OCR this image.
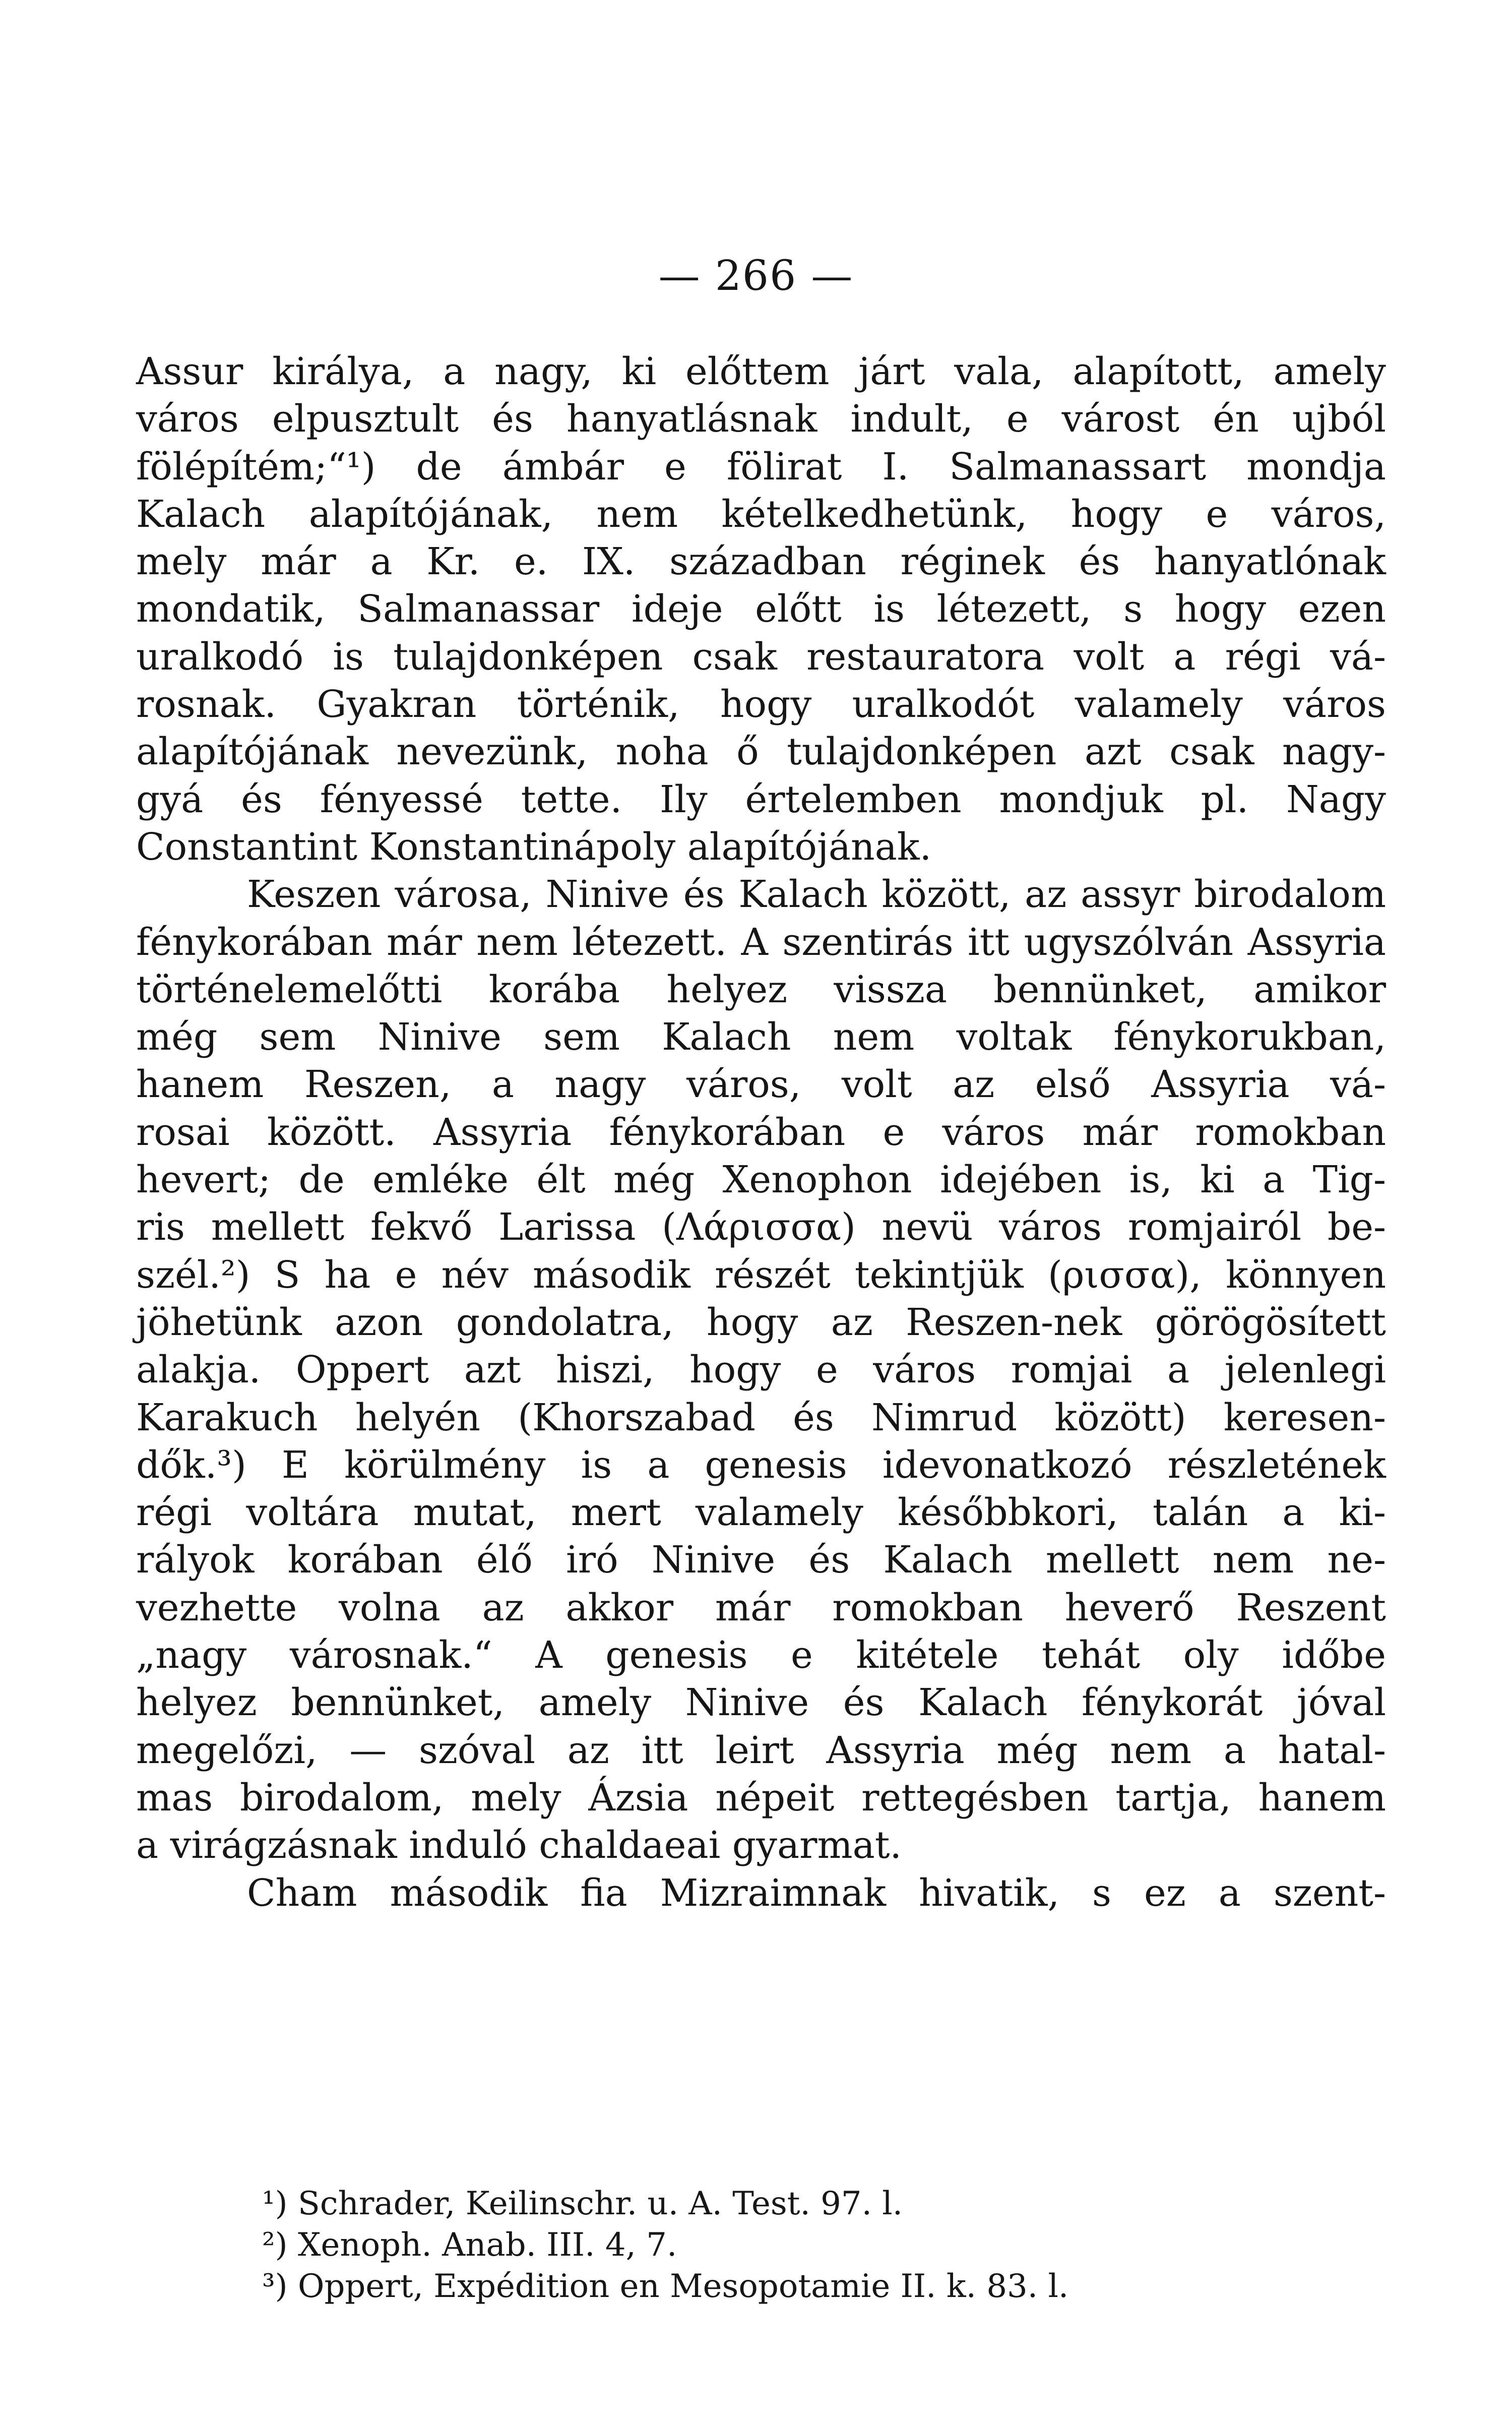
— 266 —
Assur királya, a nagy, ki előttem járt vala, alapított, amely
város elpusztult és hanyatlásnak indult, e várost én ujból
fölépítém;“¹) de ámbár e fölirat I. Salmanassart mondja
Kalach alapítójának, nem kételkedhetünk, hogy e város,
mely már a Kr. e. IX. században réginek és hanyatlónak
mondatik, Salmanassar ideje előtt is létezett, s hogy ezen
uralkodó is tulajdonképen csak restauratora volt a régi vá-
rosnak. Gyakran történik, hogy uralkodót valamely város
alapítójának nevezünk, noha ő tulajdonképen azt csak nagy-
gyá és fényessé tette. Ily értelemben mondjuk pl. Nagy
Constantint Konstantinápoly alapítójának.
Keszen városa, Ninive és Kalach között, az assyr birodalom
fénykorában már nem létezett. A szentirás itt ugyszólván Assyria
történelemelőtti korába helyez vissza bennünket, amikor
még sem Ninive sem Kalach nem voltak fénykorukban,
hanem Reszen, a nagy város, volt az első Assyria vá-
rosai között. Assyria fénykorában e város már romokban
hevert; de emléke élt még Xenophon idejében is, ki a Tig-
ris mellett fekvő Larissa (Λάρισσα) nevü város romjairól be-
szél.²) S ha e név második részét tekintjük (ρισσα), könnyen
jöhetünk azon gondolatra, hogy az Reszen-nek görögösített
alakja. Oppert azt hiszi, hogy e város romjai a jelenlegi
Karakuch helyén (Khorszabad és Nimrud között) keresen-
dők.³) E körülmény is a genesis idevonatkozó részletének
régi voltára mutat, mert valamely későbbkori, talán a ki-
rályok korában élő iró Ninive és Kalach mellett nem ne-
vezhette volna az akkor már romokban heverő Reszent
„nagy városnak.“ A genesis e kitétele tehát oly időbe
helyez bennünket, amely Ninive és Kalach fénykorát jóval
megelőzi, — szóval az itt leirt Assyria még nem a hatal-
mas birodalom, mely Ázsia népeit rettegésben tartja, hanem
a virágzásnak induló chaldaeai gyarmat.
Cham második fia Mizraimnak hivatik, s ez a szent-
¹) Schrader, Keilinschr. u. A. Test. 97. l.
²) Xenoph. Anab. III. 4, 7.
³) Oppert, Expédition en Mesopotamie II. k. 83. l.
